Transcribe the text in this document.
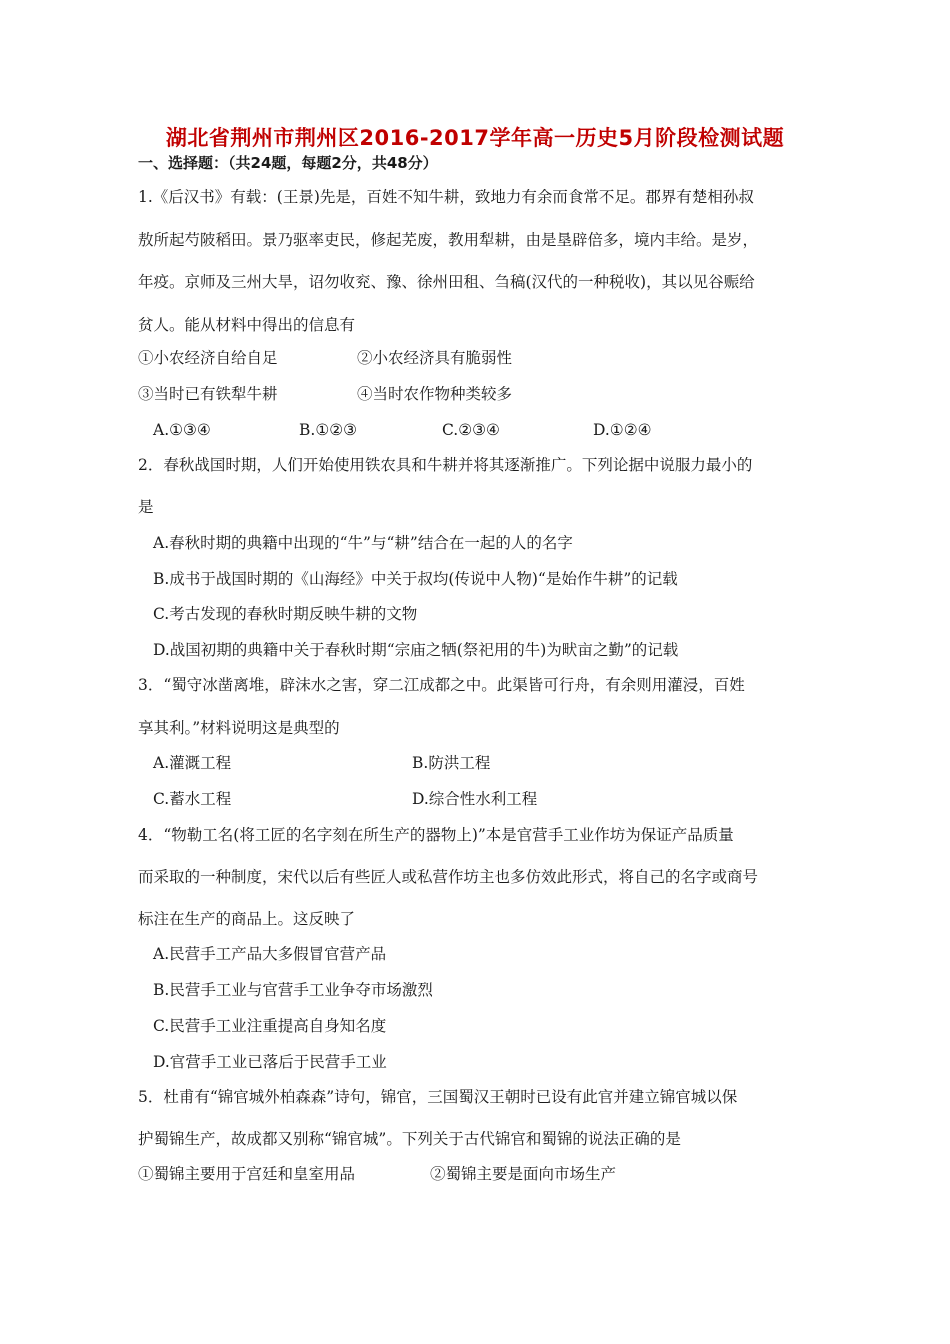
湖北省荆州市荆州区2016-2017学年高一历史5月阶段检测试题
一、选择题：（共24题，每题2分，共48分）
1.《后汉书》有载：(王景)先是，百姓不知牛耕，致地力有余而食常不足。郡界有楚相孙叔
敖所起芍陂稻田。景乃驱率吏民，修起芜废，教用犁耕，由是垦辟倍多，境内丰给。是岁，
年疫。京师及三州大旱，诏勿收兖、豫、徐州田租、刍稿(汉代的一种税收)，其以见谷赈给
贫人。能从材料中得出的信息有
①小农经济自给自足	②小农经济具有脆弱性
③当时已有铁犁牛耕	④当时农作物种类较多
A.①③④	B.①②③	C.②③④	D.①②④
2．春秋战国时期，人们开始使用铁农具和牛耕并将其逐渐推广。下列论据中说服力最小的
是
A.春秋时期的典籍中出现的“牛”与“耕”结合在一起的人的名字
B.成书于战国时期的《山海经》中关于叔均(传说中人物)“是始作牛耕”的记载
C.考古发现的春秋时期反映牛耕的文物
D.战国初期的典籍中关于春秋时期“宗庙之牺(祭祀用的牛)为畎亩之勤”的记载
3．“蜀守冰凿离堆，辟沫水之害，穿二江成都之中。此渠皆可行舟，有余则用灌浸，百姓
享其利。”材料说明这是典型的
A.灌溉工程	B.防洪工程
C.蓄水工程	D.综合性水利工程
4．“物勒工名(将工匠的名字刻在所生产的器物上)”本是官营手工业作坊为保证产品质量
而采取的一种制度，宋代以后有些匠人或私营作坊主也多仿效此形式，将自己的名字或商号
标注在生产的商品上。这反映了
A.民营手工产品大多假冒官营产品
B.民营手工业与官营手工业争夺市场激烈
C.民营手工业注重提高自身知名度
D.官营手工业已落后于民营手工业
5．杜甫有“锦官城外柏森森”诗句，锦官，三国蜀汉王朝时已设有此官并建立锦官城以保
护蜀锦生产，故成都又别称“锦官城”。下列关于古代锦官和蜀锦的说法正确的是
①蜀锦主要用于宫廷和皇室用品	②蜀锦主要是面向市场生产
